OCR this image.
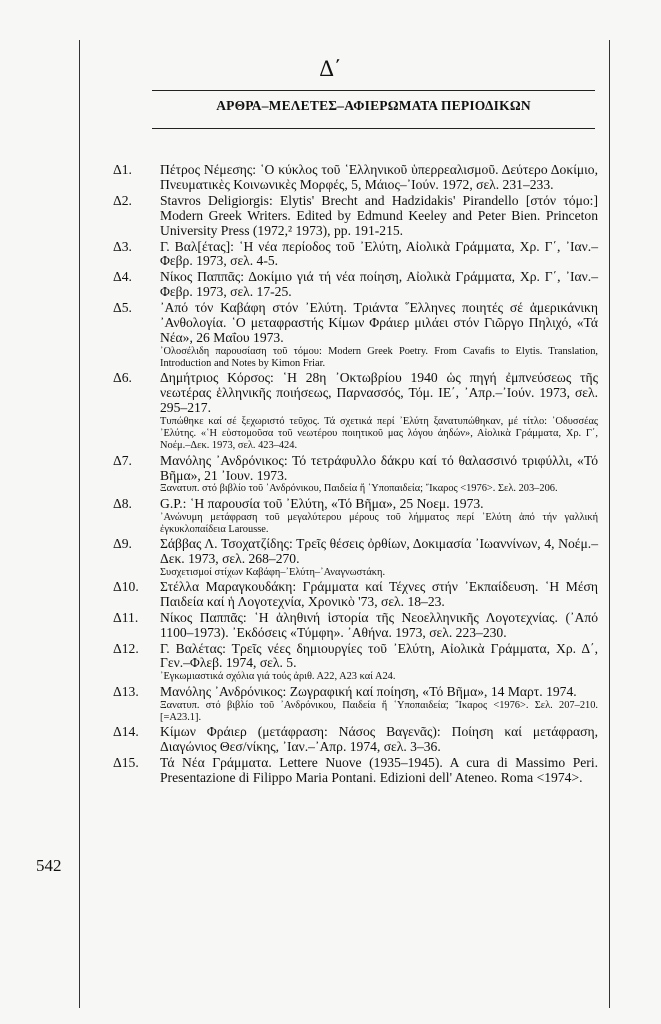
542
Δ΄
ΑΡΘΡΑ–ΜΕΛΕΤΕΣ–ΑΦΙΕΡΩΜΑΤΑ ΠΕΡΙΟΔΙΚΩΝ
Δ1. Πέτρος Νέμεσης: ῾Ο κύκλος τοῦ ῾Ελληνικοῦ ὑπερρεαλισμοῦ. Δεύτερο Δοκίμιο, Πνευματικὲς Κοινωνικὲς Μορφές, 5, Μάιος–᾽Ιούν. 1972, σελ. 231–233.
Δ2. Stavros Deligiorgis: Elytis' Brecht and Hadzidakis' Pirandello [στόν τόμο:] Modern Greek Writers. Edited by Edmund Keeley and Peter Bien. Princeton University Press (1972,² 1973), pp. 191-215.
Δ3. Γ. Βαλ[έτας]: ῾Η νέα περίοδος τοῦ ᾽Ελύτη, Αἰολικὰ Γράμματα, Χρ. Γ΄, ᾽Ιαν.–Φεβρ. 1973, σελ. 4-5.
Δ4. Νίκος Παππᾶς: Δοκίμιο γιά τή νέα ποίηση, Αἰολικὰ Γράμματα, Χρ. Γ΄, ᾽Ιαν.–Φεβρ. 1973, σελ. 17-25.
Δ5. ᾽Από τόν Καβάφη στόν ᾽Ελύτη. Τριάντα ῞Ελληνες ποιητές σέ ἀμερικάνικη ᾽Ανθολογία. ῾Ο μεταφραστής Κίμων Φράιερ μιλάει στόν Γιῶργο Πηλιχό, «Τά Νέα», 26 Μαΐου 1973.
᾽Ολοσέλιδη παρουσίαση τοῦ τόμου: Modern Greek Poetry. From Cavafis to Elytis. Translation, Introduction and Notes by Kimon Friar.
Δ6. Δημήτριος Κόρσος: ῾Η 28η ᾽Οκτωβρίου 1940 ὡς πηγή ἐμπνεύσεως τῆς νεωτέρας ἑλληνικῆς ποιήσεως, Παρνασσός, Τόμ. ΙΕ΄, ᾽Απρ.–᾽Ιούν. 1973, σελ. 295–217.
Τυπώθηκε καί σέ ξεχωριστό τεῦχος. Τά σχετικά περί ᾽Ελύτη ξανατυπώθηκαν, μέ τίτλο: ᾽Οδυσσέας ᾽Ελύτης. «῾Η εὐστομοῦσα τοῦ νεωτέρου ποιητικοῦ μας λόγου ἀηδών», Αἰολικὰ Γράμματα, Χρ. Γ΄, Νοέμ.–Δεκ. 1973, σελ. 423–424.
Δ7. Μανόλης ᾽Ανδρόνικος: Τό τετράφυλλο δάκρυ καί τό θαλασσινό τριφύλλι, «Τό Βῆμα», 21 ᾽Ιουν. 1973.
Ξανατυπ. στό βιβλίο τοῦ ᾽Ανδρόνικου, Παιδεία ἤ ῾Υποπαιδεία; ῎Ικαρος <1976>. Σελ. 203–206.
Δ8. G.P.: ῾Η παρουσία τοῦ ᾽Ελύτη, «Τό Βῆμα», 25 Νοεμ. 1973.
᾽Ανώνυμη μετάφραση τοῦ μεγαλύτερου μέρους τοῦ λήμματος περί ᾽Ελύτη ἀπό τήν γαλλική ἐγκυκλοπαίδεια Larousse.
Δ9. Σάββας Λ. Τσοχατζίδης: Τρεῖς θέσεις ὀρθίων, Δοκιμασία ᾽Ιωαννίνων, 4, Νοέμ.–Δεκ. 1973, σελ. 268–270.
Συσχετισμοί στίχων Καβάφη–᾽Ελύτη–᾽Αναγνωστάκη.
Δ10. Στέλλα Μαραγκουδάκη: Γράμματα καί Τέχνες στήν ᾽Εκπαίδευση. ῾Η Μέση Παιδεία καί ἡ Λογοτεχνία, Χρονικὸ '73, σελ. 18–23.
Δ11. Νίκος Παππᾶς: ῾Η ἀληθινή ἱστορία τῆς Νεοελληνικῆς Λογοτεχνίας. (᾽Από 1100–1973). ᾽Εκδόσεις «Τύμφη». ᾽Αθήνα. 1973, σελ. 223–230.
Δ12. Γ. Βαλέτας: Τρεῖς νέες δημιουργίες τοῦ ᾽Ελύτη, Αἰολικὰ Γράμματα, Χρ. Δ΄, Γεν.–Φλεβ. 1974, σελ. 5.
᾽Εγκωμιαστικά σχόλια γιά τούς ἀριθ. Α22, Α23 καί Α24.
Δ13. Μανόλης ᾽Ανδρόνικος: Ζωγραφική καί ποίηση, «Τό Βῆμα», 14 Μαρτ. 1974.
Ξανατυπ. στό βιβλίο τοῦ ᾽Ανδρόνικου, Παιδεία ἤ ῾Υποπαιδεία; ῎Ικαρος <1976>. Σελ. 207–210. [=Α23.1].
Δ14. Κίμων Φράιερ (μετάφραση: Νάσος Βαγενᾶς): Ποίηση καί μετάφραση, Διαγώνιος Θεσ/νίκης, ᾽Ιαν.–᾽Απρ. 1974, σελ. 3–36.
Δ15. Τά Νέα Γράμματα. Lettere Nuove (1935–1945). A cura di Massimo Peri. Presentazione di Filippo Maria Pontani. Edizioni dell' Ateneo. Roma <1974>.
